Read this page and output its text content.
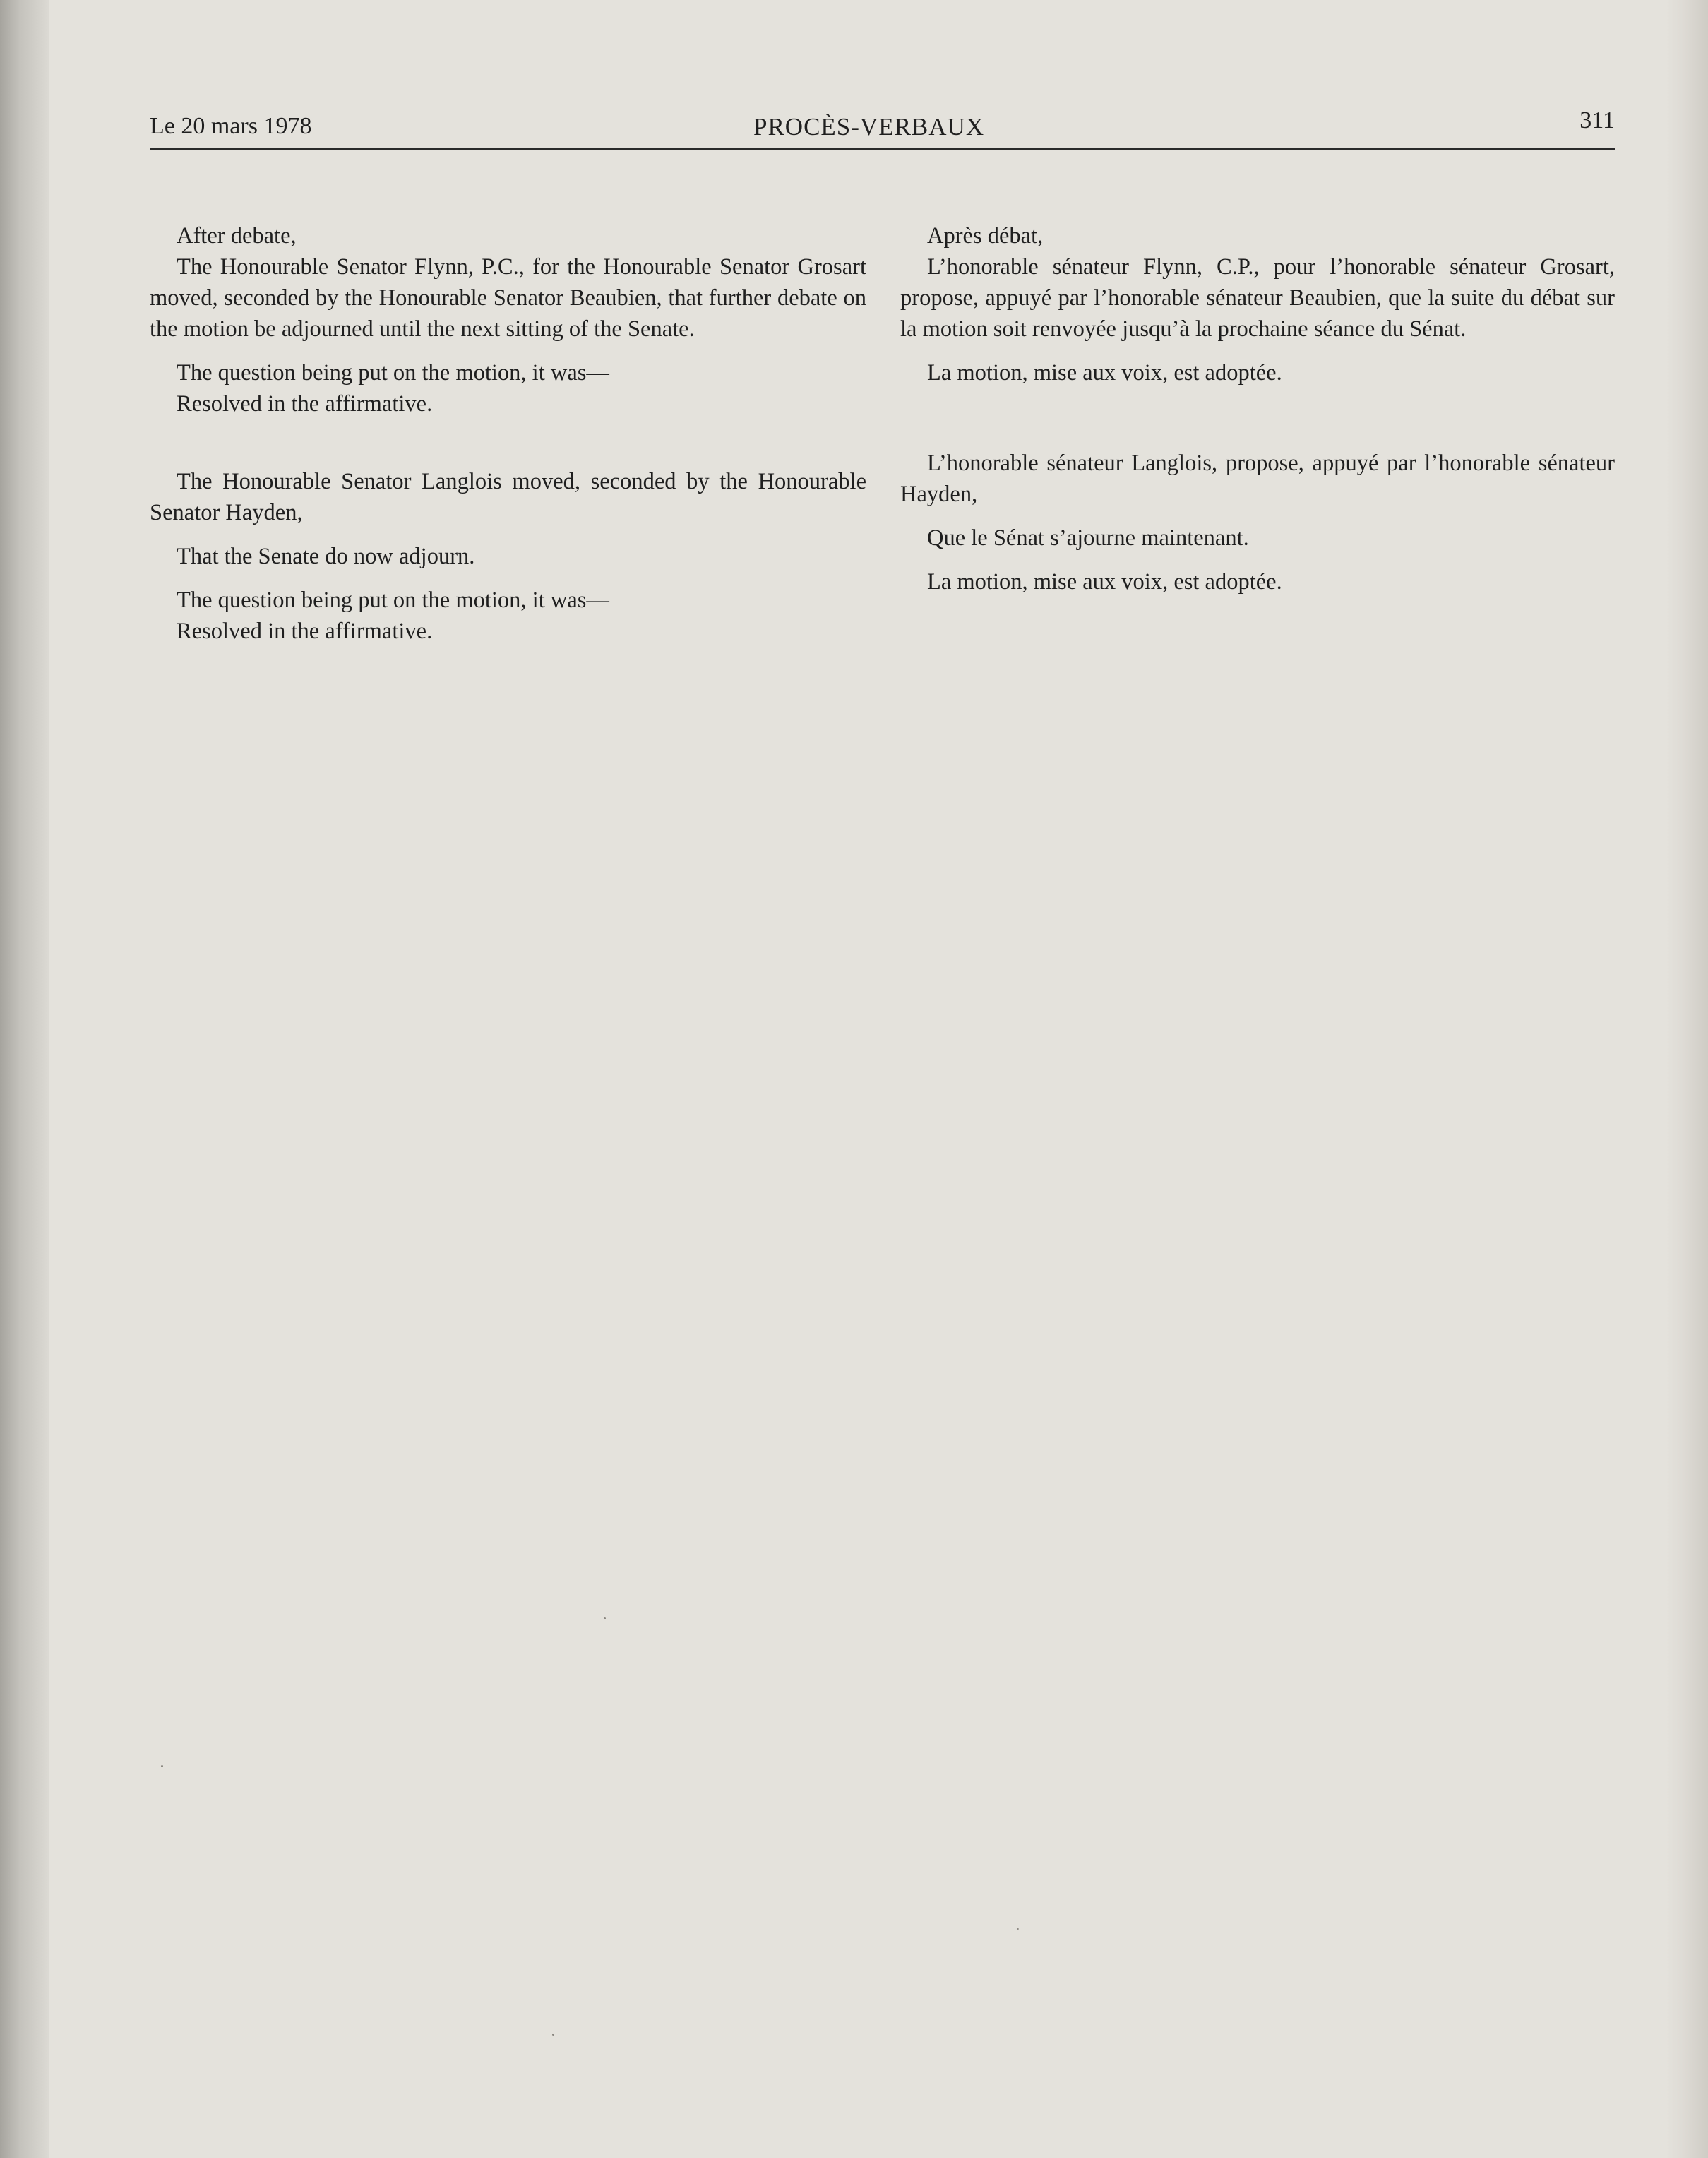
Le 20 mars 1978	PROCÈS-VERBAUX	311

After debate,

The Honourable Senator Flynn, P.C., for the Honourable Senator Grosart moved, seconded by the Honourable Senator Beaubien, that further debate on the motion be adjourned until the next sitting of the Senate.

The question being put on the motion, it was—

Resolved in the affirmative.

The Honourable Senator Langlois moved, seconded by the Honourable Senator Hayden,

That the Senate do now adjourn.

The question being put on the motion, it was—

Resolved in the affirmative.

Après débat,

L’honorable sénateur Flynn, C.P., pour l’honorable sénateur Grosart, propose, appuyé par l’honorable sénateur Beaubien, que la suite du débat sur la motion soit renvoyée jusqu’à la prochaine séance du Sénat.

La motion, mise aux voix, est adoptée.

L’honorable sénateur Langlois, propose, appuyé par l’honorable sénateur Hayden,

Que le Sénat s’ajourne maintenant.

La motion, mise aux voix, est adoptée.
